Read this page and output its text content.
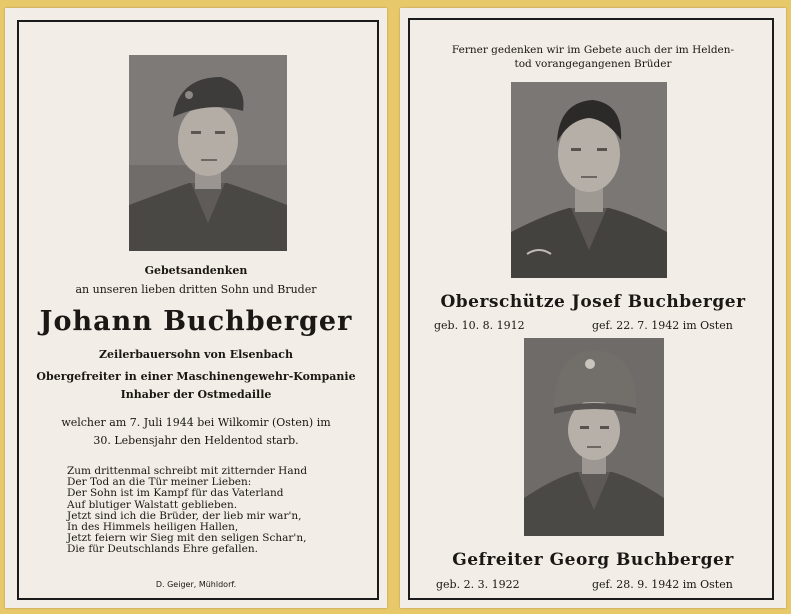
Gebetsandenken
an unseren lieben dritten Sohn und Bruder
Johann Buchberger
Zeilerbauersohn von Elsenbach
Obergefreiter in einer Maschinengewehr-Kompanie
Inhaber der Ostmedaille
welcher am 7. Juli 1944 bei Wilkomir (Osten) im
30. Lebensjahr den Heldentod starb.
Zum drittenmal schreibt mit zitternder Hand
Der Tod an die Tür meiner Lieben:
Der Sohn ist im Kampf für das Vaterland
Auf blutiger Walstatt geblieben.
Jetzt sind ich die Brüder, der lieb mir war'n,
In des Himmels heiligen Hallen,
Jetzt feiern wir Sieg mit den seligen Schar'n,
Die für Deutschlands Ehre gefallen.
D. Geiger, Mühldorf.
Ferner gedenken wir im Gebete auch der im Helden-
tod vorangegangenen Brüder
Oberschütze Josef Buchberger
geb. 10. 8. 1912	gef. 22. 7. 1942 im Osten
Gefreiter Georg Buchberger
geb. 2. 3. 1922	gef. 28. 9. 1942 im Osten
